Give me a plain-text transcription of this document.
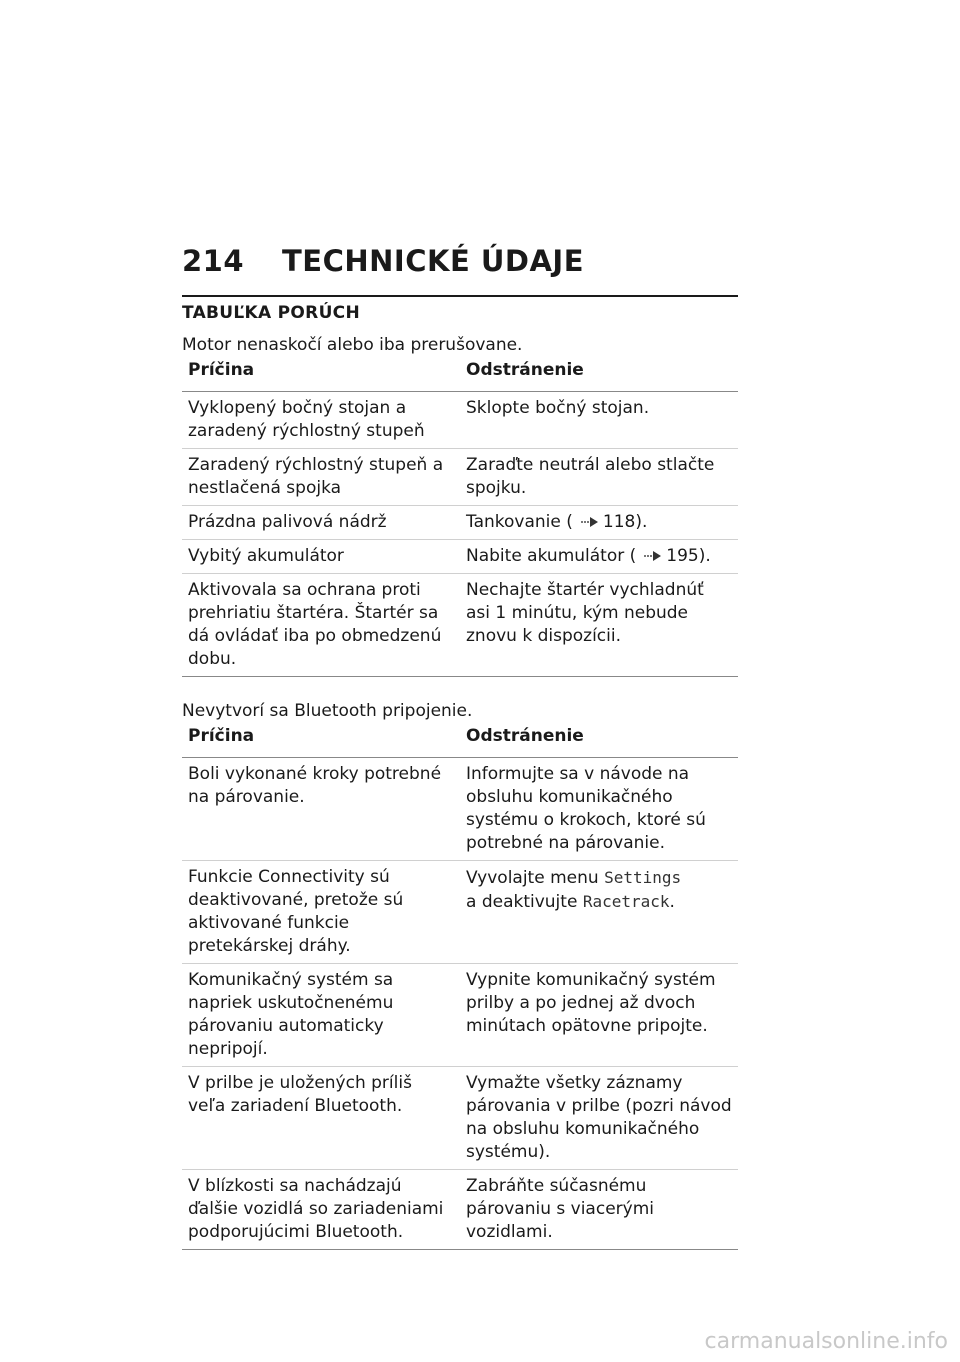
214	TECHNICKÉ ÚDAJE
TABUĽKA PORÚCH
Motor nenaskočí alebo iba prerušovane.
Príčina	Odstránenie
Vyklopený bočný stojan a zaradený rýchlostný stupeň	Sklopte bočný stojan.
Zaradený rýchlostný stupeň a nestlačená spojka	Zaraďte neutrál alebo stlačte spojku.
Prázdna palivová nádrž	Tankovanie ( 118).
Vybitý akumulátor	Nabite akumulátor ( 195).
Aktivovala sa ochrana proti prehriatiu štartéra. Štartér sa dá ovládať iba po obmedzenú dobu.	Nechajte štartér vychladnúť asi 1 minútu, kým nebude znovu k dispozícii.
Nevytvorí sa Bluetooth pripojenie.
Príčina	Odstránenie
Boli vykonané kroky potrebné na párovanie.	Informujte sa v návode na obsluhu komunikačného systému o krokoch, ktoré sú potrebné na párovanie.
Funkcie Connectivity sú deaktivované, pretože sú aktivované funkcie pretekárskej dráhy.	Vyvolajte menu Settings
a deaktivujte Racetrack.
Komunikačný systém sa napriek uskutočnenému párovaniu automaticky nepripojí.	Vypnite komunikačný systém prilby a po jednej až dvoch minútach opätovne pripojte.
V prilbe je uložených príliš veľa zariadení Bluetooth.	Vymažte všetky záznamy párovania v prilbe (pozri návod na obsluhu komunikačného systému).
V blízkosti sa nachádzajú ďalšie vozidlá so zariadeniami podporujúcimi Bluetooth.	Zabráňte súčasnému párovaniu s viacerými vozidlami.
carmanualsonline.info
